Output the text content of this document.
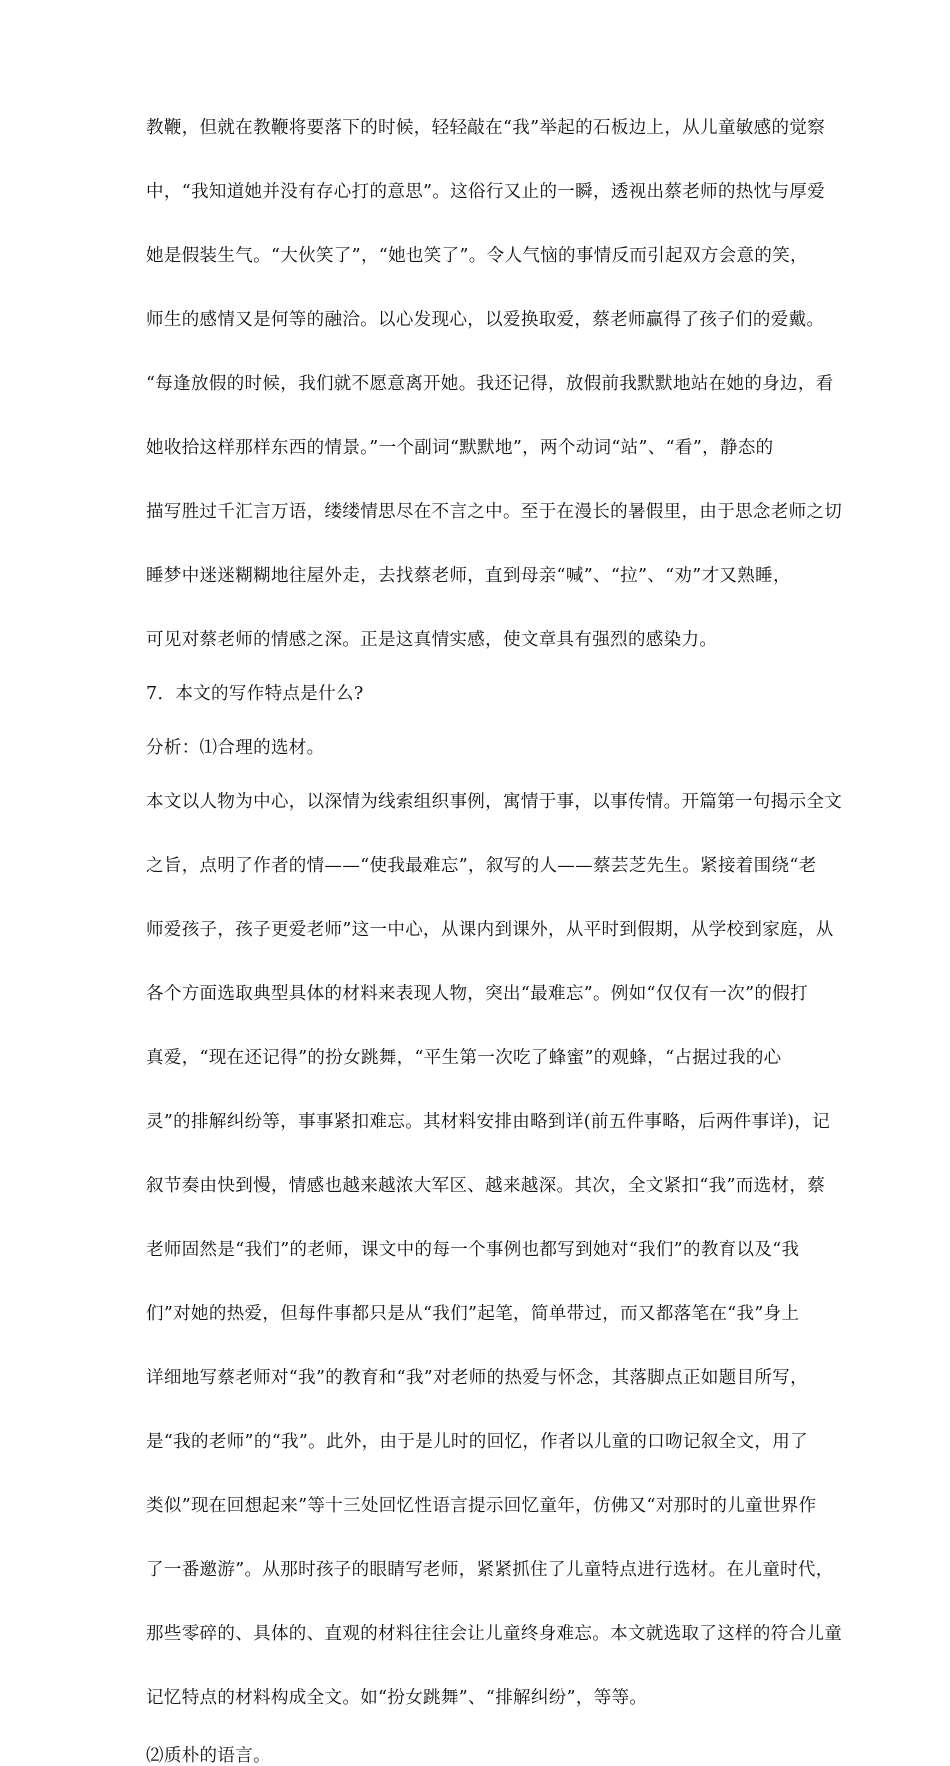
教鞭，但就在教鞭将要落下的时候，轻轻敲在“我”举起的石板边上，从儿童敏感的觉察
中，“我知道她并没有存心打的意思”。这俗行又止的一瞬，透视出蔡老师的热忱与厚爱
她是假装生气。“大伙笑了”，“她也笑了”。令人气恼的事情反而引起双方会意的笑，
师生的感情又是何等的融洽。以心发现心，以爱换取爱，蔡老师赢得了孩子们的爱戴。
“每逢放假的时候，我们就不愿意离开她。我还记得，放假前我默默地站在她的身边，看
她收拾这样那样东西的情景。”一个副词“默默地”，两个动词“站”、“看”，静态的
描写胜过千汇言万语，缕缕情思尽在不言之中。至于在漫长的暑假里，由于思念老师之切
睡梦中迷迷糊糊地往屋外走，去找蔡老师，直到母亲“喊”、“拉”、“劝”才又熟睡，
可见对蔡老师的情感之深。正是这真情实感，使文章具有强烈的感染力。
7．本文的写作特点是什么?
分析：⑴合理的选材。
本文以人物为中心，以深情为线索组织事例，寓情于事，以事传情。开篇第一句揭示全文
之旨，点明了作者的情——“使我最难忘”，叙写的人——蔡芸芝先生。紧接着围绕“老
师爱孩子，孩子更爱老师”这一中心，从课内到课外，从平时到假期，从学校到家庭，从
各个方面选取典型具体的材料来表现人物，突出“最难忘”。例如“仅仅有一次”的假打
真爱，“现在还记得”的扮女跳舞，“平生第一次吃了蜂蜜”的观蜂，“占据过我的心
灵”的排解纠纷等，事事紧扣难忘。其材料安排由略到详(前五件事略，后两件事详)，记
叙节奏由快到慢，情感也越来越浓大军区、越来越深。其次，全文紧扣“我”而选材，蔡
老师固然是“我们”的老师，课文中的每一个事例也都写到她对“我们”的教育以及“我
们”对她的热爱，但每件事都只是从“我们”起笔，简单带过，而又都落笔在“我”身上
详细地写蔡老师对“我”的教育和“我”对老师的热爱与怀念，其落脚点正如题目所写，
是“我的老师”的“我”。此外，由于是儿时的回忆，作者以儿童的口吻记叙全文，用了
类似”现在回想起来”等十三处回忆性语言提示回忆童年，仿佛又“对那时的儿童世界作
了一番邀游”。从那时孩子的眼睛写老师，紧紧抓住了儿童特点进行选材。在儿童时代，
那些零碎的、具体的、直观的材料往往会让儿童终身难忘。本文就选取了这样的符合儿童
记忆特点的材料构成全文。如“扮女跳舞”、“排解纠纷”，等等。
⑵质朴的语言。
